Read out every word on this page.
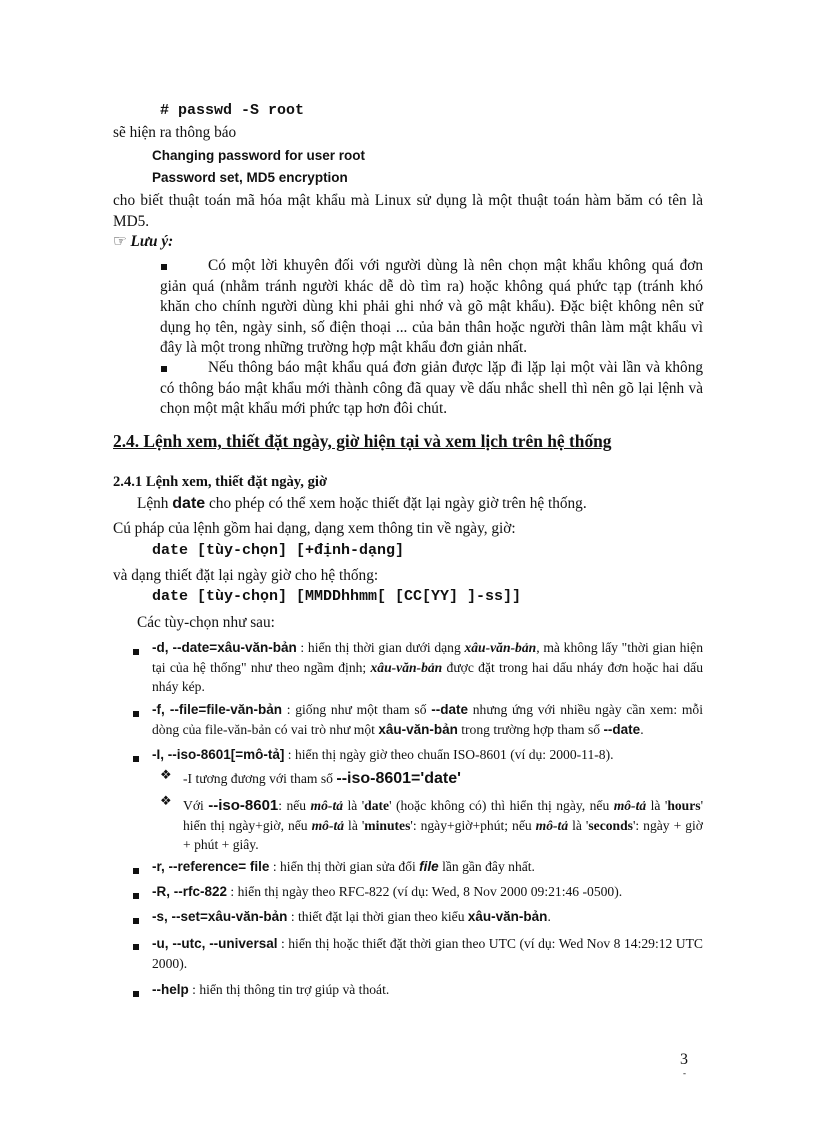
# passwd -S root
sẽ hiện ra thông báo
Changing password for user root
Password set, MD5 encryption
cho biết thuật toán mã hóa mật khẩu mà Linux sử dụng là một thuật toán hàm băm có tên là MD5.
☞ Lưu ý:
Có một lời khuyên đối với người dùng là nên chọn mật khẩu không quá đơn giản quá (nhằm tránh người khác dễ dò tìm ra) hoặc không quá phức tạp (tránh khó khăn cho chính người dùng khi phải ghi nhớ và gõ mật khẩu). Đặc biệt không nên sử dụng họ tên, ngày sinh, số điện thoại ... của bản thân hoặc người thân làm mật khẩu vì đây là một trong những trường hợp mật khẩu đơn giản nhất.
Nếu thông báo mật khẩu quá đơn giản được lặp đi lặp lại một vài lần và không có thông báo mật khẩu mới thành công đã quay về dấu nhắc shell thì nên gõ lại lệnh và chọn một mật khẩu mới phức tạp hơn đôi chút.
2.4. Lệnh xem, thiết đặt ngày, giờ hiện tại và xem lịch trên hệ thống
2.4.1 Lệnh xem, thiết đặt ngày, giờ
Lệnh date cho phép có thể xem hoặc thiết đặt lại ngày giờ trên hệ thống.
Cú pháp của lệnh gồm hai dạng, dạng xem thông tin về ngày, giờ:
date [tùy-chọn] [+định-dạng]
và dạng thiết đặt lại ngày giờ cho hệ thống:
date [tùy-chọn] [MMDDhhmm[ [CC[YY] ]-ss]]
Các tùy-chọn như sau:
-d, --date=xâu-văn-bản : hiển thị thời gian dưới dạng xâu-văn-bản, mà không lấy "thời gian hiện tại của hệ thống" như theo ngầm định; xâu-văn-bản được đặt trong hai dấu nháy đơn hoặc hai dấu nháy kép.
-f, --file=file-văn-bản : giống như một tham số --date nhưng ứng với nhiều ngày cần xem: mỗi dòng của file-văn-bản có vai trò như một xâu-văn-bản trong trường hợp tham số --date.
-I, --iso-8601[=mô-tả] : hiển thị ngày giờ theo chuẩn ISO-8601 (ví dụ: 2000-11-8).
❖ -I tương đương với tham số --iso-8601='date'
❖ Với --iso-8601: nếu mô-tả là 'date' (hoặc không có) thì hiển thị ngày, nếu mô-tả là 'hours' hiển thị ngày+giờ, nếu mô-tả là 'minutes': ngày+giờ+phút; nếu mô-tả là 'seconds': ngày + giờ + phút + giây.
-r, --reference= file : hiển thị thời gian sửa đổi file lần gần đây nhất.
-R, --rfc-822 : hiển thị ngày theo RFC-822 (ví dụ: Wed, 8 Nov 2000 09:21:46 -0500).
-s, --set=xâu-văn-bản : thiết đặt lại thời gian theo kiểu xâu-văn-bản.
-u, --utc, --universal : hiển thị hoặc thiết đặt thời gian theo UTC (ví dụ: Wed Nov 8 14:29:12 UTC 2000).
--help : hiển thị thông tin trợ giúp và thoát.
3
-
